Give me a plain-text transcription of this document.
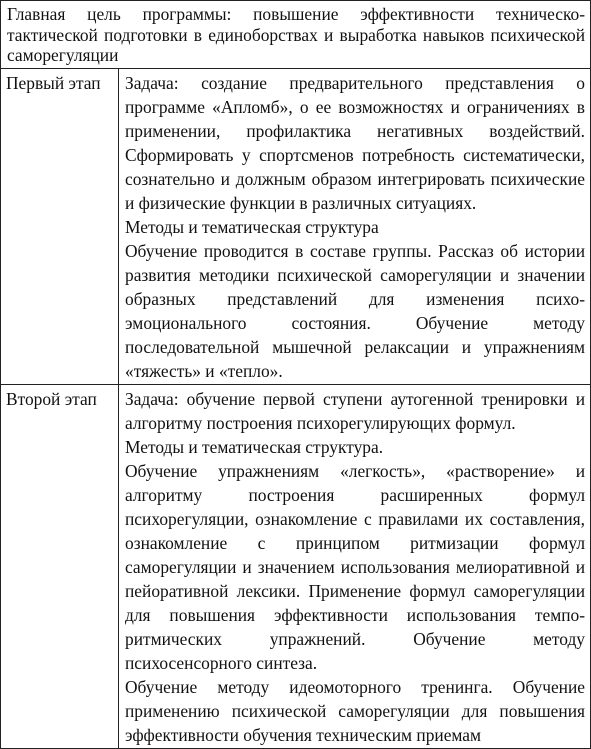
Главная цель программы: повышение эффективности техническо-тактической подготовки в единоборствах и выработка навыков психической саморегуляции	
Первый этап	Задача: создание предварительного представления о программе «Апломб», о ее возможностях и ограничениях в применении, профилактика негативных воздействий. Сформировать у спортсменов потребность систематически, сознательно и должным образом интегрировать психические и физические функции в различных ситуациях.
Методы и тематическая структура
Обучение проводится в составе группы. Рассказ об истории развития методики психической саморегуляции и значении образных представлений для изменения психо-эмоционального состояния. Обучение методу последовательной мышечной релаксации и упражнениям «тяжесть» и «тепло».

Второй этап	Задача: обучение первой ступени аутогенной тренировки и алгоритму построения психорегулирующих формул.
Методы и тематическая структура.
Обучение упражнениям «легкость», «растворение» и алгоритму построения расширенных формул психорегуляции, ознакомление с правилами их составления, ознакомление с принципом ритмизации формул саморегуляции и значением использования мелиоративной и пейоративной лексики. Применение формул саморегуляции для повышения эффективности использования темпо-ритмических упражнений. Обучение методу психосенсорного синтеза.
Обучение методу идеомоторного тренинга. Обучение применению психической саморегуляции для повышения эффективности обучения техническим приемам
